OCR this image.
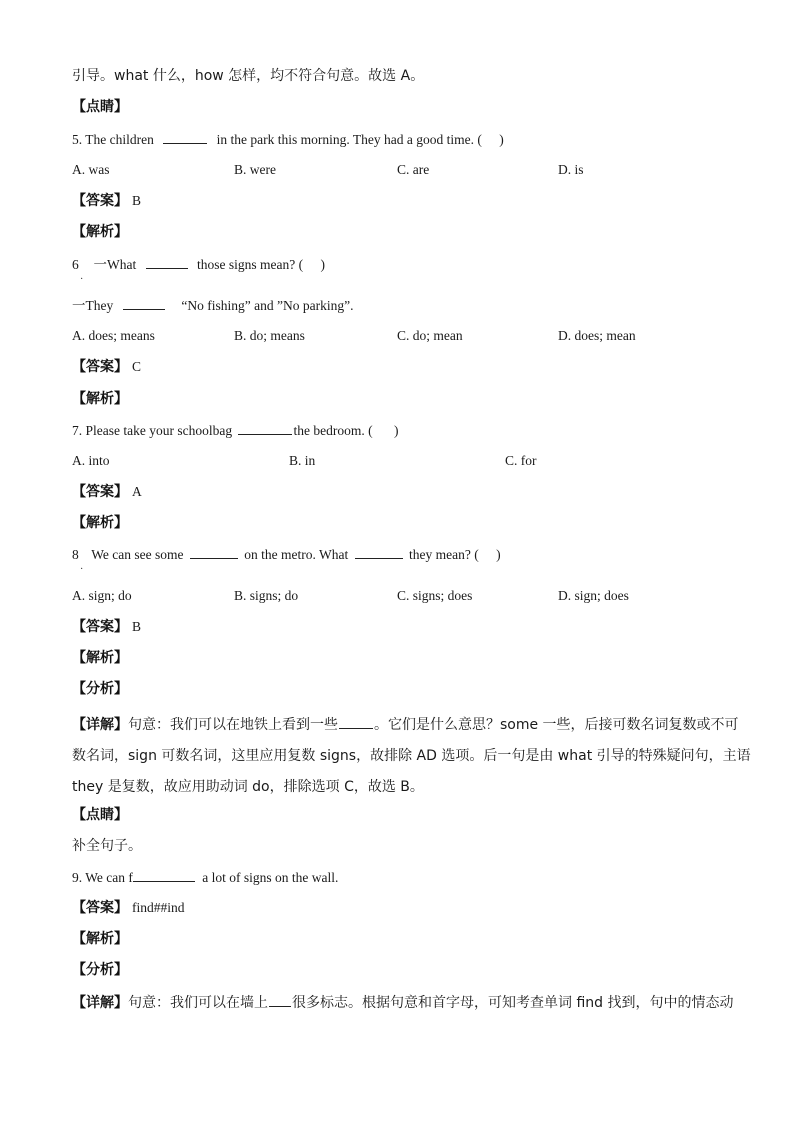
引导。what 什么，how 怎样，均不符合句意。故选 A。
【点睛】
5. The children	in the park this morning. They had a good time. ( )
A. was	B. were	C. are	D. is
【答案】 B
【解析】
6 一What	those signs mean? ( )
·
一They	“No fishing” and ”No parking”.
A. does; means	B. do; means	C. do; mean	D. does; mean
【答案】 C
【解析】
7. Please take your schoolbag	the bedroom. ( )
A. into	B. in	C. for
【答案】 A
【解析】
8 We can see some	on the metro. What	they mean? ( )
·
A. sign; do	B. signs; do	C. signs; does	D. sign; does
【答案】 B
【解析】
【分析】
【详解】句意：我们可以在地铁上看到一些	。它们是什么意思？some 一些，后接可数名词复数或不可
数名词，sign 可数名词，这里应用复数 signs，故排除 AD 选项。后一句是由 what 引导的特殊疑问句，主语
they 是复数，故应用助动词 do，排除选项 C，故选 B。
【点睛】
补全句子。
9. We can f	a lot of signs on the wall.
【答案】 find##ind
【解析】
【分析】
【详解】句意：我们可以在墙上 很多标志。根据句意和首字母，可知考查单词 find 找到，句中的情态动
